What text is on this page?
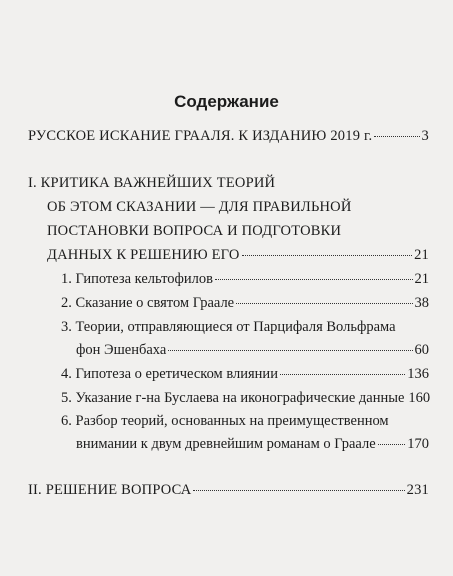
Содержание
РУССКОЕ ИСКАНИЕ ГРААЛЯ. К ИЗДАНИЮ 2019 г.	3
I. КРИТИКА ВАЖНЕЙШИХ ТЕОРИЙ
ОБ ЭТОМ СКАЗАНИИ — ДЛЯ ПРАВИЛЬНОЙ
ПОСТАНОВКИ ВОПРОСА И ПОДГОТОВКИ
ДАННЫХ К РЕШЕНИЮ ЕГО	21
1. Гипотеза кельтофилов	21
2. Сказание о святом Граале	38
3. Теории, отправляющиеся от Парцифаля Вольфрама
фон Эшенбаха	60
4. Гипотеза о еретическом влиянии	136
5. Указание г-на Буслаева на иконографические данные 160
6. Разбор теорий, основанных на преимущественном
внимании к двум древнейшим романам о Граале 170
II. РЕШЕНИЕ ВОПРОСА	231
